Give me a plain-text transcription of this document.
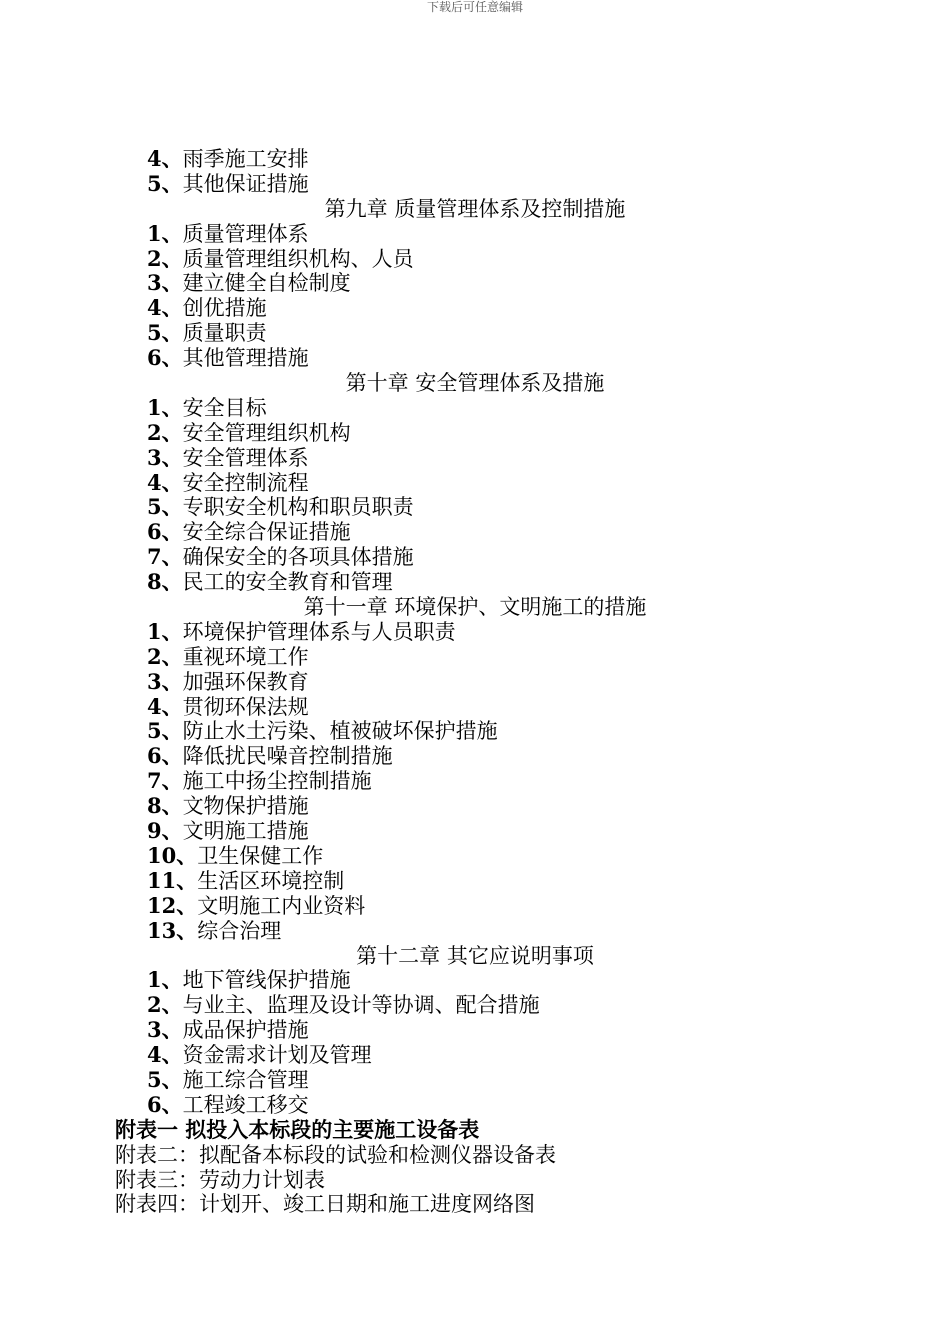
下载后可任意编辑
4、雨季施工安排
5、其他保证措施
第九章 质量管理体系及控制措施
1、质量管理体系
2、质量管理组织机构、人员
3、建立健全自检制度
4、创优措施
5、质量职责
6、其他管理措施
第十章 安全管理体系及措施
1、安全目标
2、安全管理组织机构
3、安全管理体系
4、安全控制流程
5、专职安全机构和职员职责
6、安全综合保证措施
7、确保安全的各项具体措施
8、民工的安全教育和管理
第十一章 环境保护、文明施工的措施
1、环境保护管理体系与人员职责
2、重视环境工作
3、加强环保教育
4、贯彻环保法规
5、防止水土污染、植被破坏保护措施
6、降低扰民噪音控制措施
7、施工中扬尘控制措施
8、文物保护措施
9、文明施工措施
10、卫生保健工作
11、生活区环境控制
12、文明施工内业资料
13、综合治理
第十二章 其它应说明事项
1、地下管线保护措施
2、与业主、监理及设计等协调、配合措施
3、成品保护措施
4、资金需求计划及管理
5、施工综合管理
6、工程竣工移交
附表一 拟投入本标段的主要施工设备表
附表二：拟配备本标段的试验和检测仪器设备表
附表三：劳动力计划表
附表四：计划开、竣工日期和施工进度网络图
